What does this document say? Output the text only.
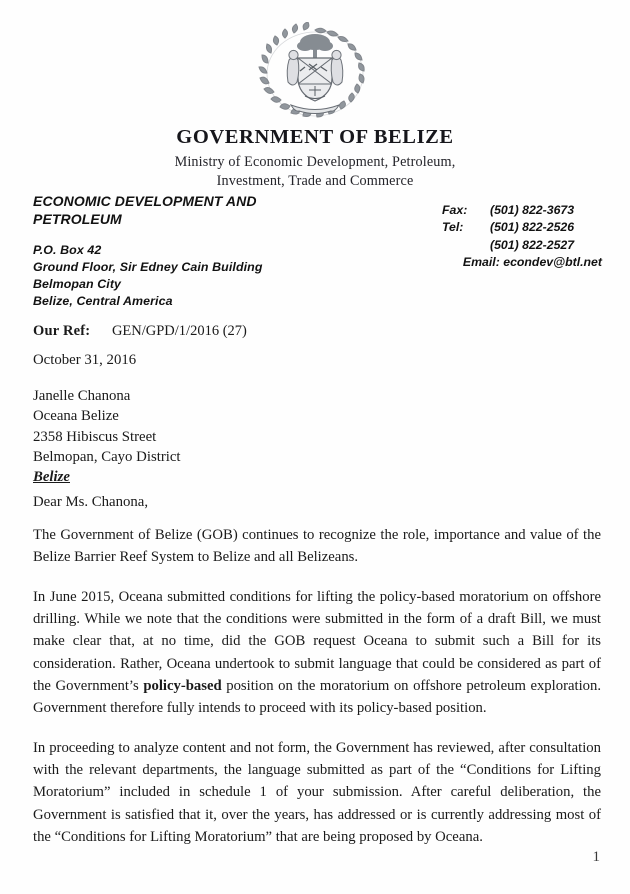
GOVERNMENT OF BELIZE
Ministry of Economic Development, Petroleum,
Investment, Trade and Commerce
ECONOMIC DEVELOPMENT AND
PETROLEUM
P.O. Box 42
Ground Floor, Sir Edney Cain Building
Belmopan City
Belize, Central America
Fax:	(501) 822-3673
Tel:	(501) 822-2526
(501) 822-2527
Email: econdev@btl.net
Our Ref: GEN/GPD/1/2016 (27)
October 31, 2016
Janelle Chanona
Oceana Belize
2358 Hibiscus Street
Belmopan, Cayo District
Belize
Dear Ms. Chanona,

The Government of Belize (GOB) continues to recognize the role, importance and value of the Belize Barrier Reef System to Belize and all Belizeans.

In June 2015, Oceana submitted conditions for lifting the policy-based moratorium on offshore drilling. While we note that the conditions were submitted in the form of a draft Bill, we must make clear that, at no time, did the GOB request Oceana to submit such a Bill for its consideration. Rather, Oceana undertook to submit language that could be considered as part of the Government’s policy-based position on the moratorium on offshore petroleum exploration. Government therefore fully intends to proceed with its policy-based position.

In proceeding to analyze content and not form, the Government has reviewed, after consultation with the relevant departments, the language submitted as part of the “Conditions for Lifting Moratorium” included in schedule 1 of your submission. After careful deliberation, the Government is satisfied that it, over the years, has addressed or is currently addressing most of the “Conditions for Lifting Moratorium” that are being proposed by Oceana.

1
